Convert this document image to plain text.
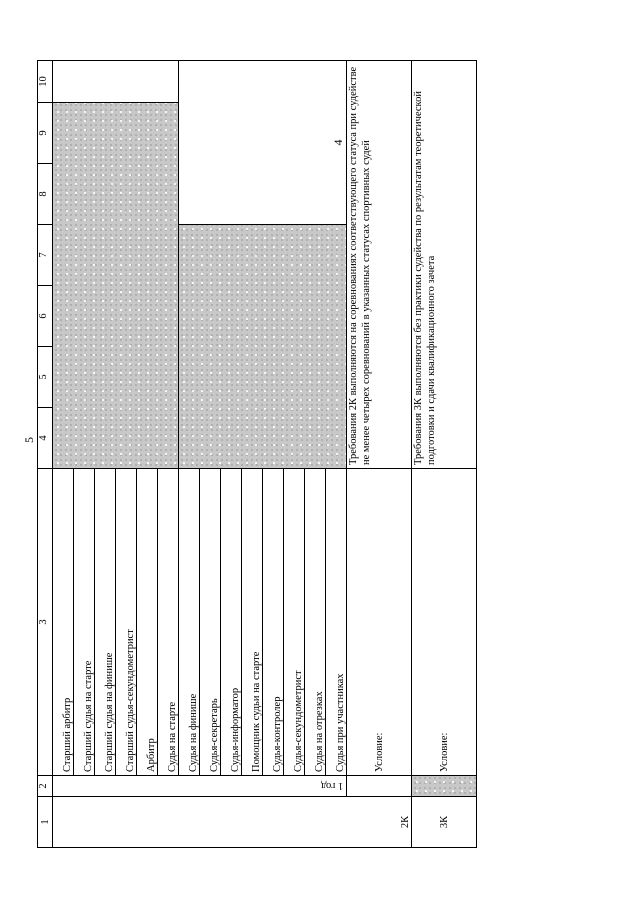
5
1	2	3	4	5	6	7	8	9	10
2К	1 год	Старший арбитр							
		Старший судья на старте							
		Старший судья на финише							
		Старший судья-секундометрист							
		Арбитр							
		Судья на старте							
		Судья на финише					4		
		Судья-секретарь							
		Судья-информатор							
		Помощник судьи на старте							
		Судья-контролер							
		Судья-секундометрист							
		Судья на отрезках							
		Судья при участниках							
		Условие:	Требования 2К выполняются на соревнованиях соответствующего статуса при судействе не менее четырех соревнований в указанных статусах спортивных судей						
3К		Условие:	Требования 3К выполняются без практики судейства по результатам теоретической подготовки и сдачи квалификационного зачета						
